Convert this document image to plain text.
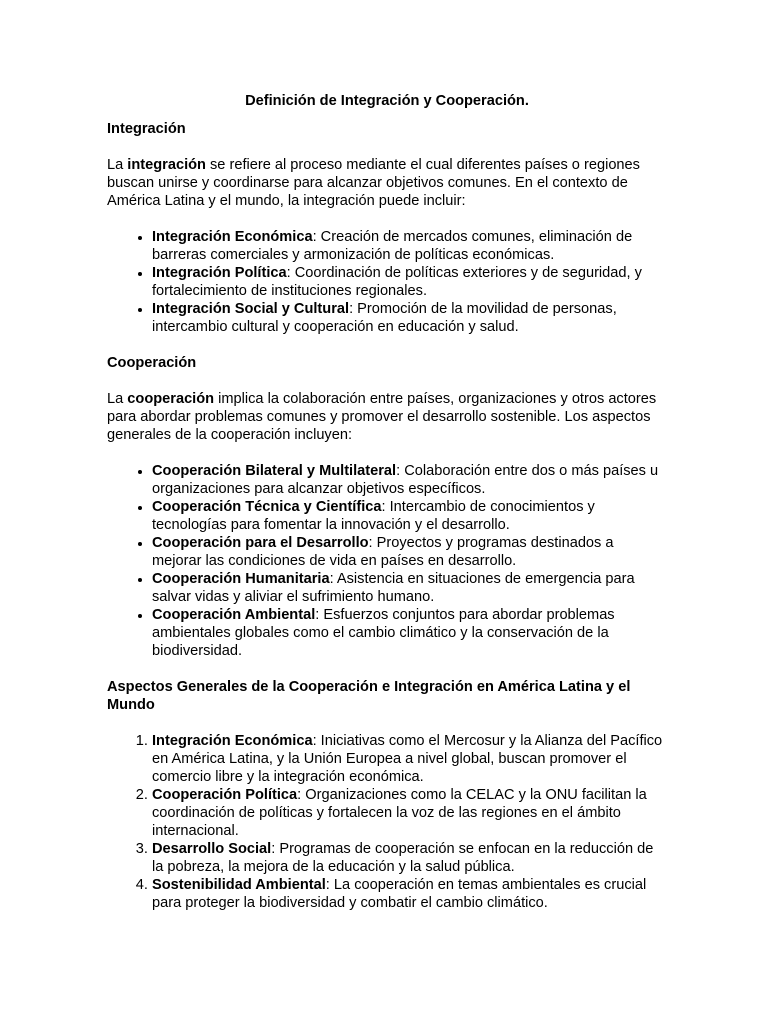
Definición de Integración y Cooperación.

Integración

La integración se refiere al proceso mediante el cual diferentes países o regiones buscan unirse y coordinarse para alcanzar objetivos comunes. En el contexto de América Latina y el mundo, la integración puede incluir:

• Integración Económica: Creación de mercados comunes, eliminación de barreras comerciales y armonización de políticas económicas.
• Integración Política: Coordinación de políticas exteriores y de seguridad, y fortalecimiento de instituciones regionales.
• Integración Social y Cultural: Promoción de la movilidad de personas, intercambio cultural y cooperación en educación y salud.

Cooperación

La cooperación implica la colaboración entre países, organizaciones y otros actores para abordar problemas comunes y promover el desarrollo sostenible. Los aspectos generales de la cooperación incluyen:

• Cooperación Bilateral y Multilateral: Colaboración entre dos o más países u organizaciones para alcanzar objetivos específicos.
• Cooperación Técnica y Científica: Intercambio de conocimientos y tecnologías para fomentar la innovación y el desarrollo.
• Cooperación para el Desarrollo: Proyectos y programas destinados a mejorar las condiciones de vida en países en desarrollo.
• Cooperación Humanitaria: Asistencia en situaciones de emergencia para salvar vidas y aliviar el sufrimiento humano.
• Cooperación Ambiental: Esfuerzos conjuntos para abordar problemas ambientales globales como el cambio climático y la conservación de la biodiversidad.

Aspectos Generales de la Cooperación e Integración en América Latina y el Mundo

1. Integración Económica: Iniciativas como el Mercosur y la Alianza del Pacífico en América Latina, y la Unión Europea a nivel global, buscan promover el comercio libre y la integración económica.
2. Cooperación Política: Organizaciones como la CELAC y la ONU facilitan la coordinación de políticas y fortalecen la voz de las regiones en el ámbito internacional.
3. Desarrollo Social: Programas de cooperación se enfocan en la reducción de la pobreza, la mejora de la educación y la salud pública.
4. Sostenibilidad Ambiental: La cooperación en temas ambientales es crucial para proteger la biodiversidad y combatir el cambio climático.
